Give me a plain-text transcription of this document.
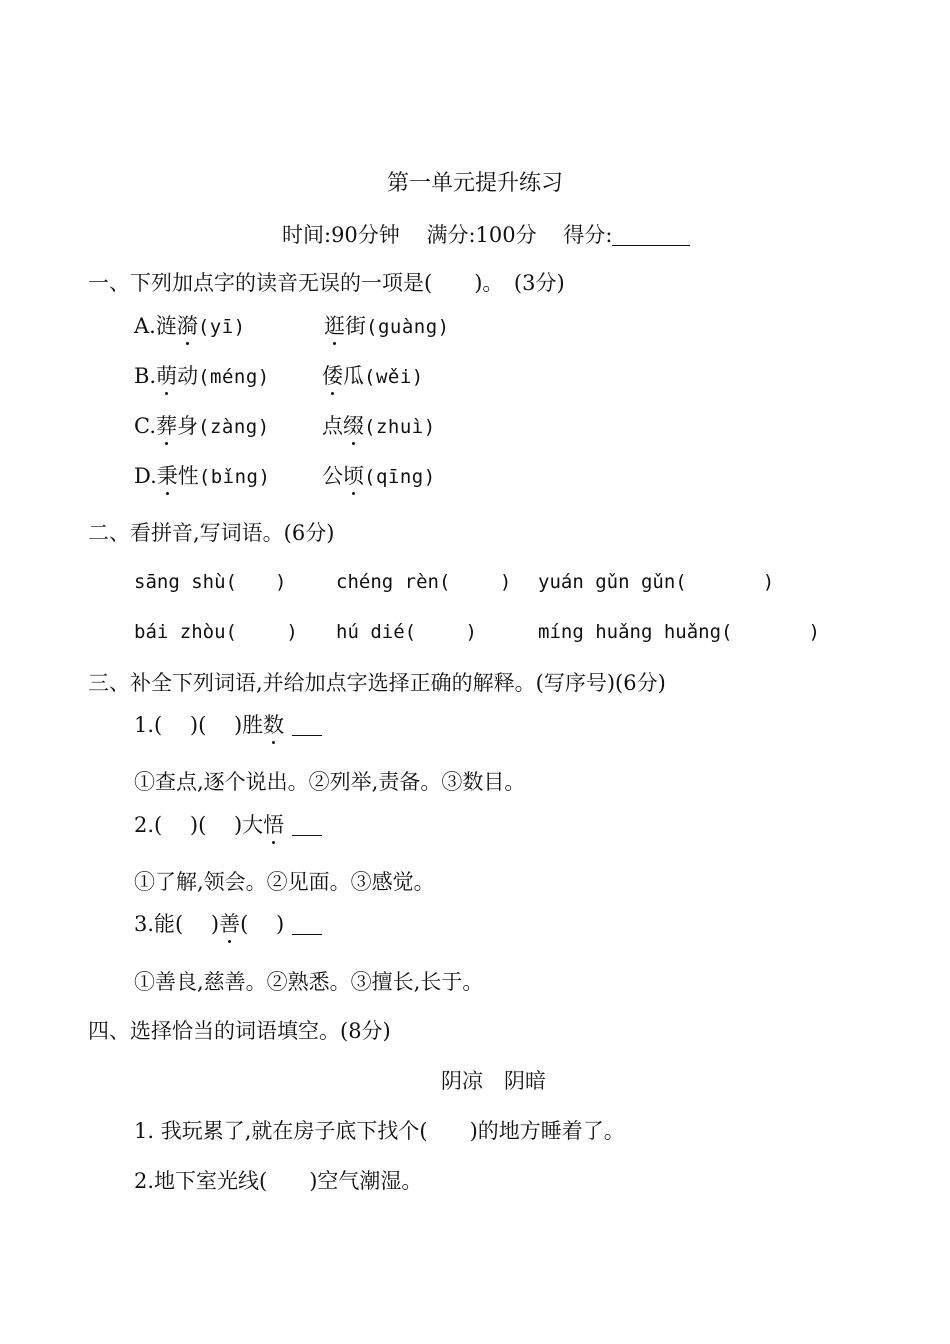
第一单元提升练习
时间:90分钟 满分:100分 得分:
一、下列加点字的读音无误的一项是(　　)。　(3分)
A.涟漪(yī)	逛街(guàng)
B.萌动(méng) 倭瓜(wěi)
C.葬身(zàng) 点缀(zhuì)
D.秉性(bǐng) 公顷(qīng)
二、看拼音,写词语。(6分)
sāng shù(　　)	chéng rèn(　　 ) yuán gǔn gǔn(　　　　)
bái zhòu(　　 ) hú dié(　　 )	míng huǎng huǎng(　　　　)
三、补全下列词语,并给加点字选择正确的解释。(写序号)(6分)
1.(　 )(　 )胜数
①查点,逐个说出。②列举,责备。③数目。
2.(　 )(　 )大悟
①了解,领会。②见面。③感觉。
3.能(　 )善(　 )
①善良,慈善。②熟悉。③擅长,长于。
四、选择恰当的词语填空。(8分)
阴凉　阴暗
1. 我玩累了,就在房子底下找个(　　)的地方睡着了。
2.地下室光线(　　)空气潮湿。
